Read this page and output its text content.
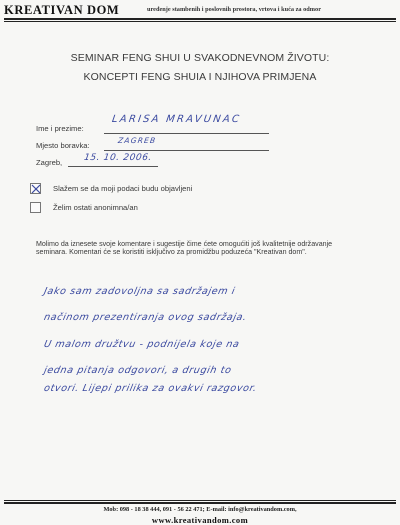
KREATIVAN DOM	uređenje stambenih i poslovnih prostora, vrtova i kuća za odmor
SEMINAR FENG SHUI U SVAKODNEVNOM ŽIVOTU:
KONCEPTI FENG SHUIA I NJIHOVA PRIMJENA
Ime i prezime:
LARISA MRAVUNAC
Mjesto boravka:
ZAGREB
Zagreb, 15. 10. 2006.
Slažem se da moji podaci budu objavljeni
Želim ostati anonimna/an
Molimo da iznesete svoje komentare i sugestije čime ćete omogućiti još kvalitetnije održavanje seminara. Komentari će se koristiti isključivo za promidžbu poduzeća "Kreativan dom".
Jako sam zadovoljna sa sadržajem i
načinom prezentiranja ovog sadržaja.
U malom družtvu - podnijela koje na
jedna pitanja odgovori, a drugih to
otvori. Lijepi prilika za ovakvi razgovor.
Mob: 098 - 18 38 444, 091 - 56 22 471; E-mail: info@kreativandom.com,
www.kreativandom.com
